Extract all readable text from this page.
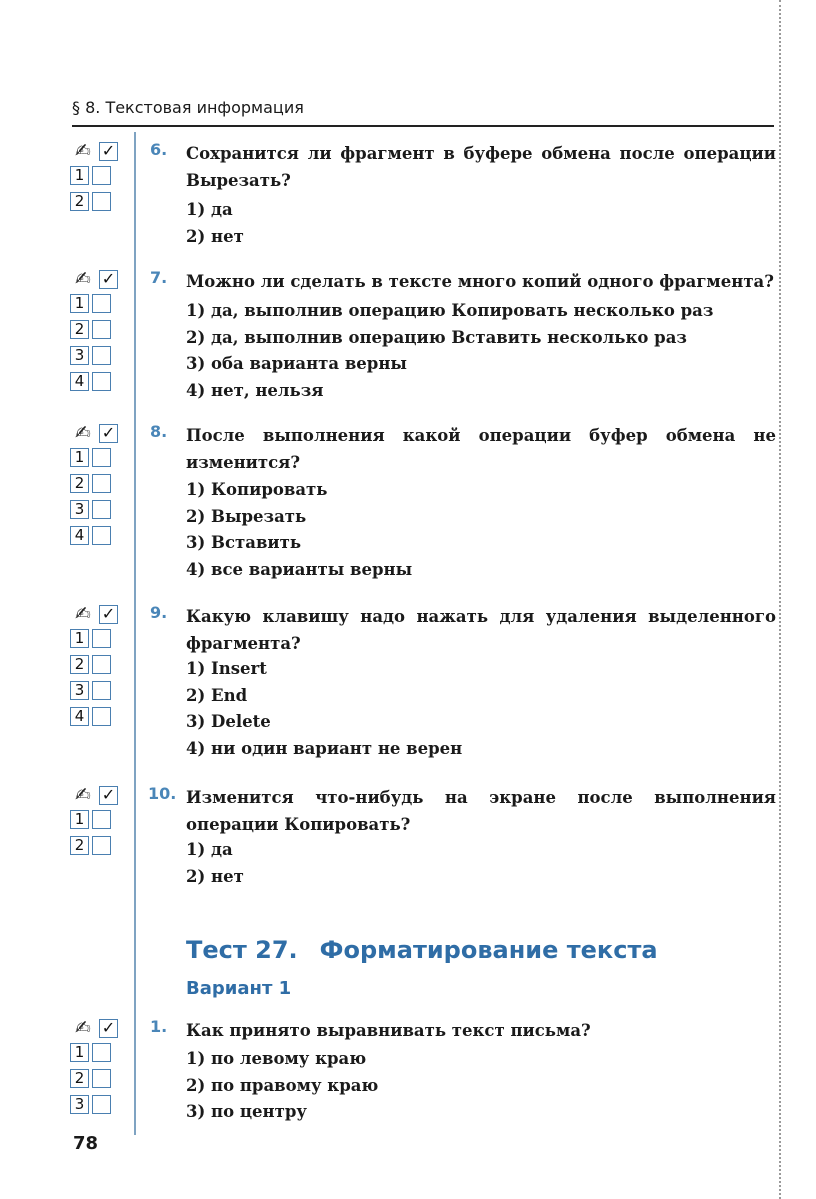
§ 8. Текстовая информация
✍ ✓
1
2
6. Сохранится ли фрагмент в буфере обмена после операции Вырезать?
1) да
2) нет
✍ ✓
1
2
3
4
7. Можно ли сделать в тексте много копий одного фрагмента?
1) да, выполнив операцию Копировать несколько раз
2) да, выполнив операцию Вставить несколько раз
3) оба варианта верны
4) нет, нельзя
✍ ✓
1
2
3
4
8. После выполнения какой операции буфер обмена не изменится?
1) Копировать
2) Вырезать
3) Вставить
4) все варианты верны
✍ ✓
1
2
3
4
9. Какую клавишу надо нажать для удаления выделенного фрагмента?
1) Insert
2) End
3) Delete
4) ни один вариант не верен
✍ ✓
1
2
10. Изменится что-нибудь на экране после выполнения операции Копировать?
1) да
2) нет
Тест 27. Форматирование текста
Вариант 1
✍ ✓
1
2
3
1. Как принято выравнивать текст письма?
1) по левому краю
2) по правому краю
3) по центру
78
